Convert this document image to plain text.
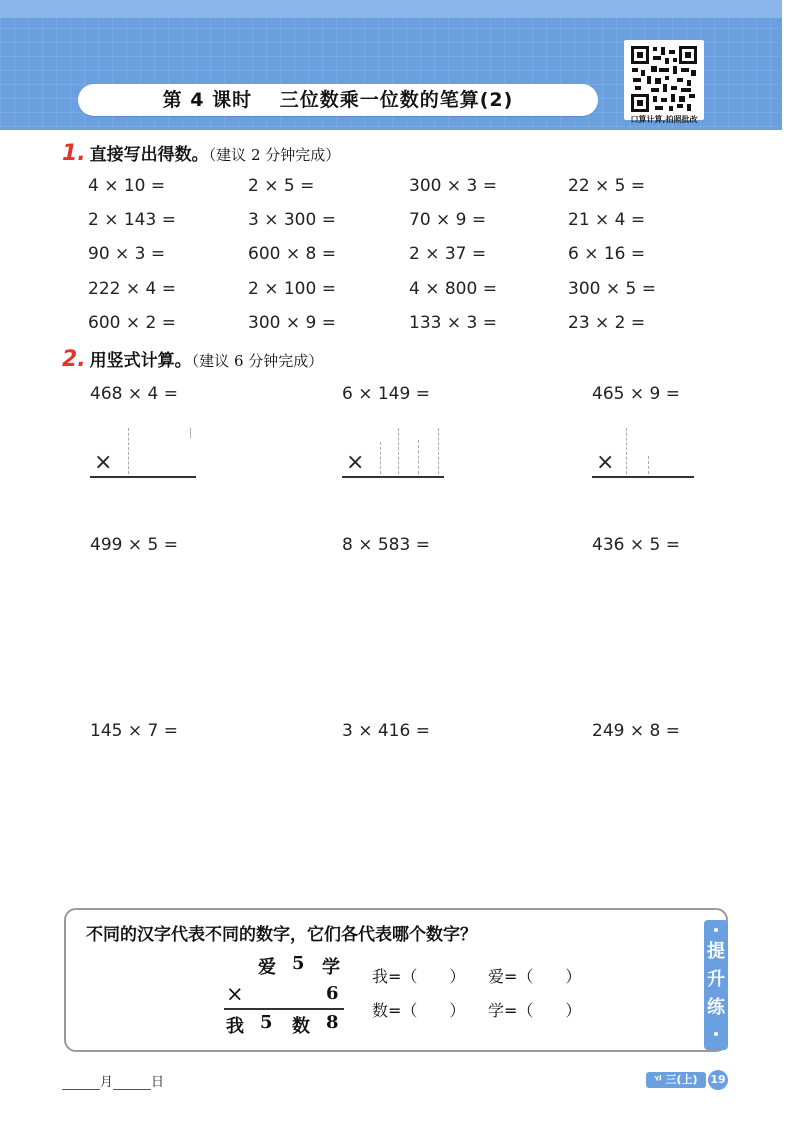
第 4 课时 三位数乘一位数的笔算(2)
口算计算,拍照批改
1. 直接写出得数。（建议 2 分钟完成）
4 × 10 =	2 × 5 =	300 × 3 =	22 × 5 =
2 × 143 =	3 × 300 =	70 × 9 =	21 × 4 =
90 × 3 =	600 × 8 =	2 × 37 =	6 × 16 =
222 × 4 =	2 × 100 =	4 × 800 =	300 × 5 =
600 × 2 =	300 × 9 =	133 × 3 =	23 × 2 =
2. 用竖式计算。（建议 6 分钟完成）
468 × 4 =	6 × 149 =	465 × 9 =
×	×	×
499 × 5 =	8 × 583 =	436 × 5 =
145 × 7 =	3 × 416 =	249 × 8 =
不同的汉字代表不同的数字，它们各代表哪个数字？
提升练
爱 5 学
×	6
我 5 数 8
我=（　　） 爱=（　　）
数=（　　） 学=（　　）
月	日	ᵞᴶ 三(上)	19
